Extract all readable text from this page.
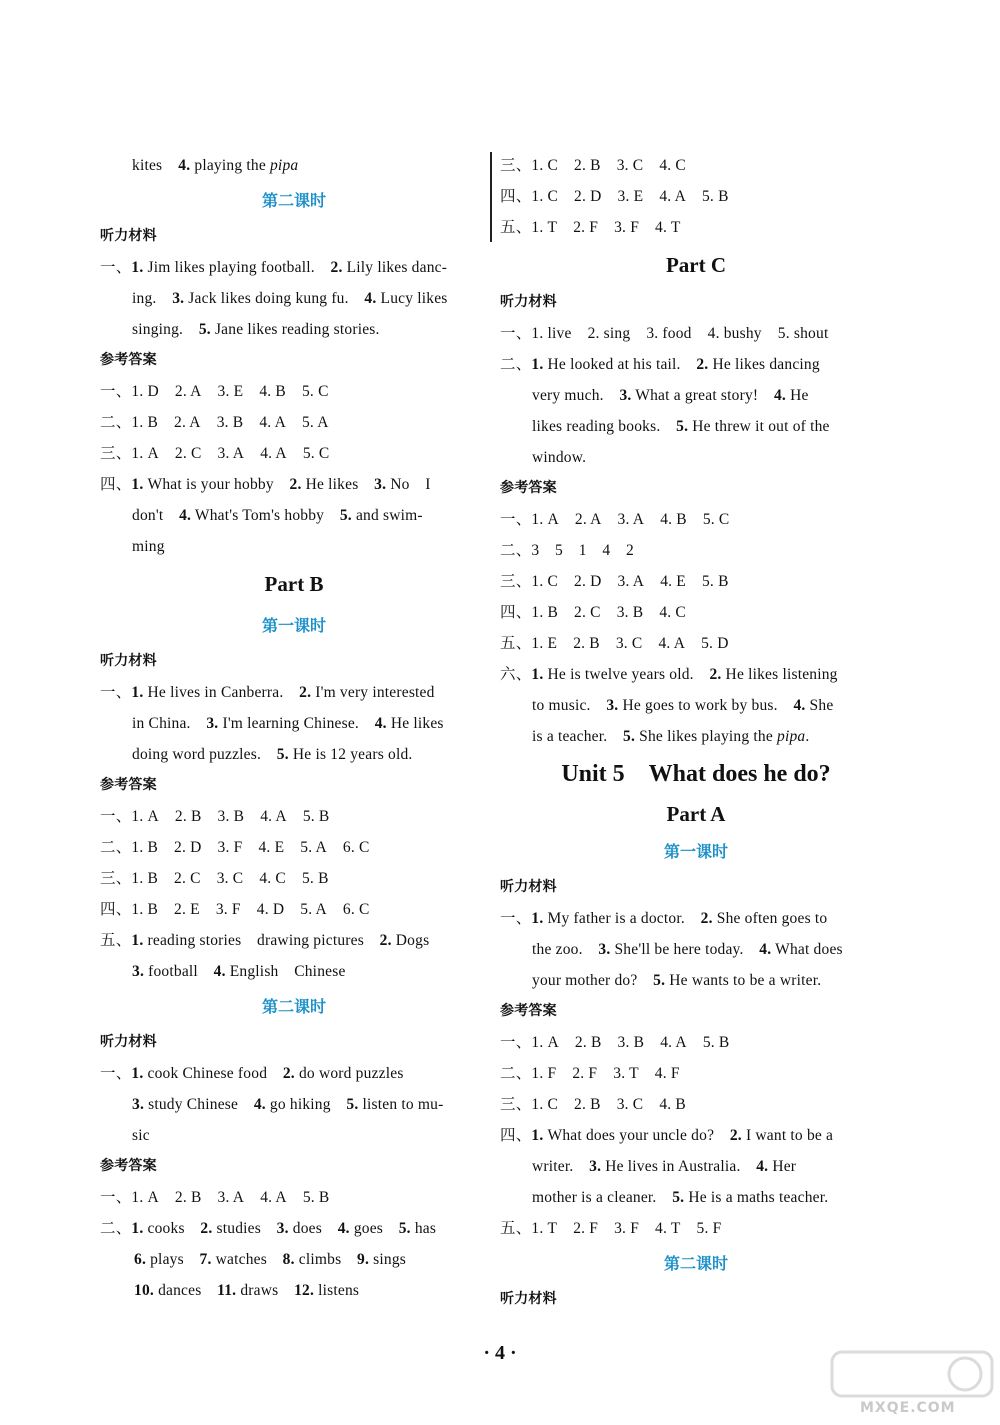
kites 4. playing the pipa
第二课时
听力材料
一、1. Jim likes playing football.　 2. Lily likes danc-
ing.　 3. Jack likes doing kung fu.　 4. Lucy likes
singing.　 5. Jane likes reading stories.
参考答案
一、1. D 2. A 3. E 4. B 5. C
二、1. B 2. A 3. B 4. A 5. A
三、1. A 2. C 3. A 4. A 5. C
四、1. What is your hobby　 2. He likes　 3. No　I
don't　 4. What's Tom's hobby　 5. and swim-
ming
Part B
第一课时
听力材料
一、1. He lives in Canberra.　 2. I'm very interested
in China.　 3. I'm learning Chinese.　 4. He likes
doing word puzzles.　 5. He is 12 years old.
参考答案
一、1. A 2. B 3. B 4. A 5. B
二、1. B 2. D 3. F 4. E 5. A 6. C
三、1. B 2. C 3. C 4. C 5. B
四、1. B 2. E 3. F 4. D 5. A 6. C
五、1. reading stories　drawing pictures　 2. Dogs
3. football　 4. English　Chinese
第二课时
听力材料
一、1. cook Chinese food　 2. do word puzzles
3. study Chinese　 4. go hiking　 5. listen to mu-
sic
参考答案
一、1. A 2. B 3. A 4. A 5. B
二、1. cooks　 2. studies　 3. does　 4. goes　 5. has
6. plays　 7. watches　 8. climbs　 9. sings
10. dances　 11. draws　 12. listens
三、1. C 2. B 3. C 4. C
四、1. C 2. D 3. E 4. A 5. B
五、1. T 2. F 3. F 4. T
Part C
听力材料
一、1. live 2. sing 3. food 4. bushy 5. shout
二、1. He looked at his tail.　 2. He likes dancing
very much.　 3. What a great story!　 4. He
likes reading books.　 5. He threw it out of the
window.
参考答案
一、1. A 2. A 3. A 4. B 5. C
二、3　5　1　4　2
三、1. C 2. D 3. A 4. E 5. B
四、1. B 2. C 3. B 4. C
五、1. E 2. B 3. C 4. A 5. D
六、1. He is twelve years old.　 2. He likes listening
to music.　 3. He goes to work by bus.　 4. She
is a teacher.　 5. She likes playing the pipa.
Unit 5　What does he do?
Part A
第一课时
听力材料
一、1. My father is a doctor.　 2. She often goes to
the zoo.　 3. She'll be here today.　 4. What does
your mother do?　 5. He wants to be a writer.
参考答案
一、1. A 2. B 3. B 4. A 5. B
二、1. F 2. F 3. T 4. F
三、1. C 2. B 3. C 4. B
四、1. What does your uncle do?　 2. I want to be a
writer.　 3. He lives in Australia.　 4. Her
mother is a cleaner.　 5. He is a maths teacher.
五、1. T 2. F 3. F 4. T 5. F
第二课时
听力材料
· 4 ·
MXQE.COM
